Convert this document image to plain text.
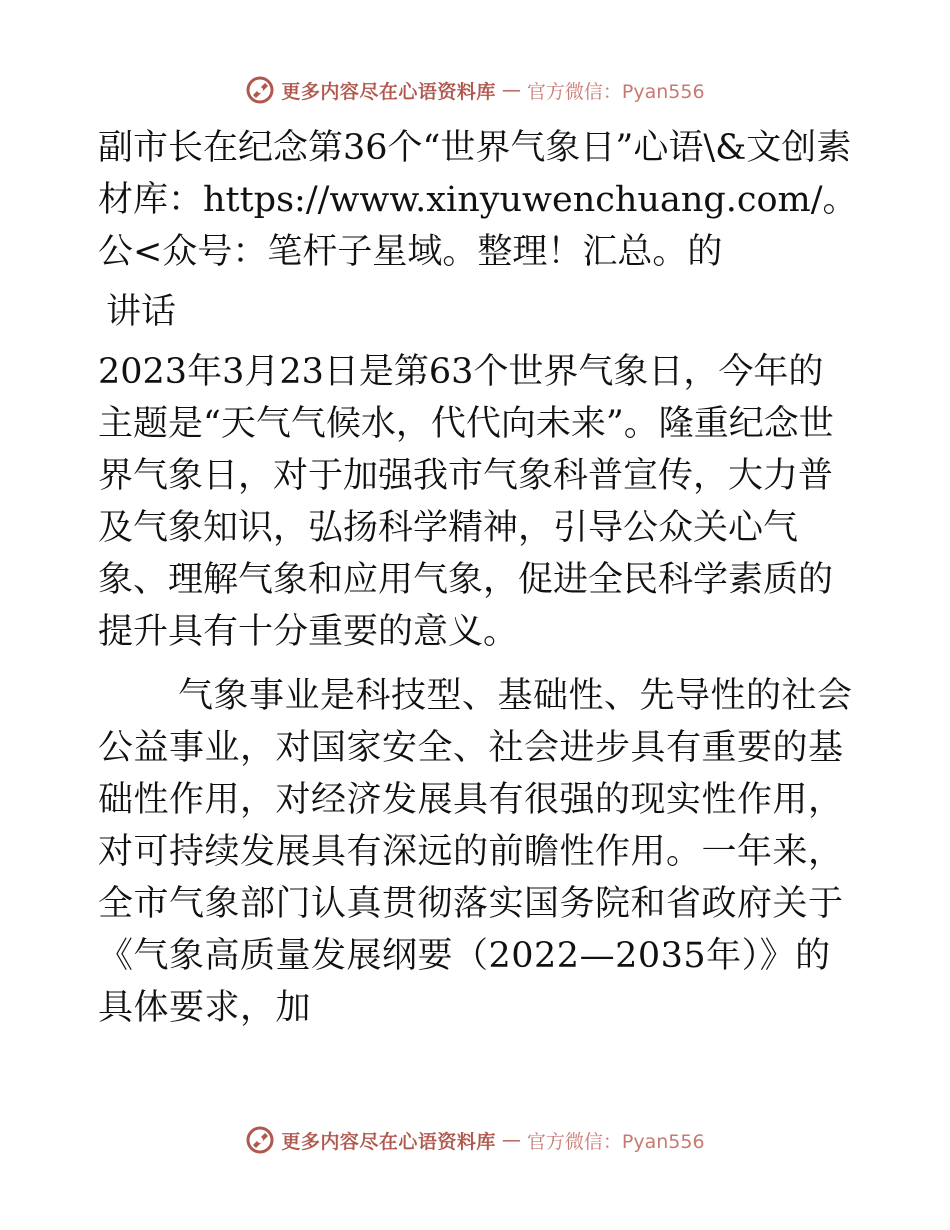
更多内容尽在心语资料库 — 官方微信：Pyan556

副市长在纪念第36个“世界气象日”心语\&文创素材库：https://www.xinyuwenchuang.com/。公<众号：笔杆子星域。整理！汇总。的

讲话

2023年3月23日是第63个世界气象日，今年的主题是“天气气候水，代代向未来”。隆重纪念世界气象日，对于加强我市气象科普宣传，大力普及气象知识，弘扬科学精神，引导公众关心气象、理解气象和应用气象，促进全民科学素质的提升具有十分重要的意义。

气象事业是科技型、基础性、先导性的社会公益事业，对国家安全、社会进步具有重要的基础性作用，对经济发展具有很强的现实性作用，对可持续发展具有深远的前瞻性作用。一年来，全市气象部门认真贯彻落实国务院和省政府关于《气象高质量发展纲要（2022—2035年）》的具体要求，加

更多内容尽在心语资料库 — 官方微信：Pyan556
